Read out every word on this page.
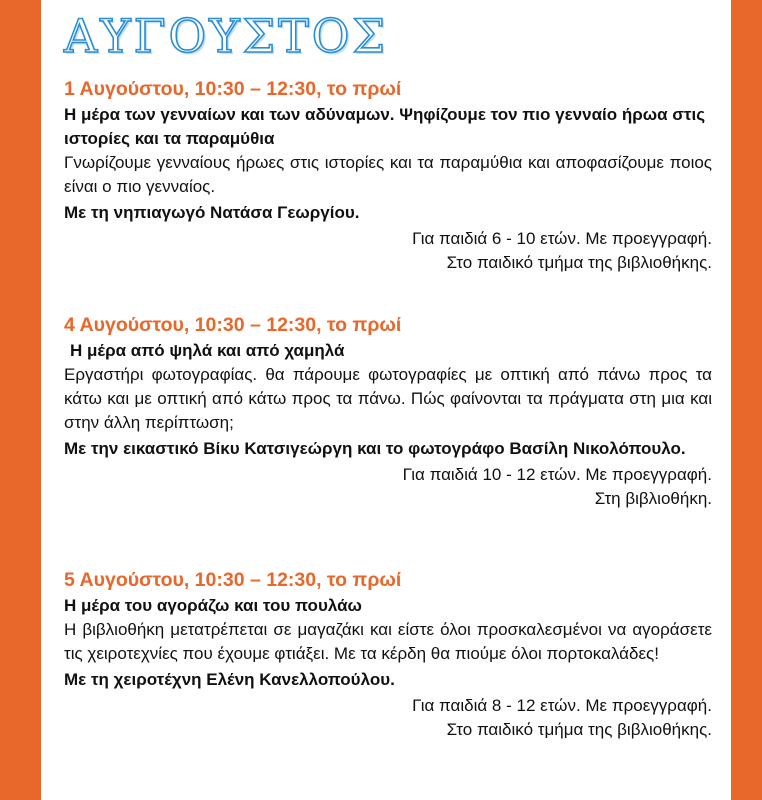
ΑΥΓΟΥΣΤΟΣ
1 Αυγούστου, 10:30 – 12:30, το πρωί
Η μέρα των γενναίων και των αδύναμων. Ψηφίζουμε τον πιο γενναίο ήρωα στις ιστορίες και τα παραμύθια
Γνωρίζουμε γενναίους ήρωες στις ιστορίες και τα παραμύθια και αποφασίζουμε ποιος είναι ο πιο γενναίος.
Με τη νηπιαγωγό Νατάσα Γεωργίου.
Για παιδιά 6 - 10 ετών. Με προεγγραφή.
Στο παιδικό τμήμα της βιβλιοθήκης.
4 Αυγούστου, 10:30 – 12:30, το πρωί
Η μέρα από ψηλά και από χαμηλά
Εργαστήρι φωτογραφίας. θα πάρουμε φωτογραφίες με οπτική από πάνω προς τα κάτω και με οπτική από κάτω προς τα πάνω. Πώς φαίνονται τα πράγματα στη μια και στην άλλη περίπτωση;
Με την εικαστικό Βίκυ Κατσιγεώργη και το φωτογράφο Βασίλη Νικολόπουλο.
Για παιδιά 10 - 12 ετών. Με προεγγραφή.
Στη βιβλιοθήκη.
5 Αυγούστου, 10:30 – 12:30, το πρωί
Η μέρα του αγοράζω και του πουλάω
Η βιβλιοθήκη μετατρέπεται σε μαγαζάκι και είστε όλοι προσκαλεσμένοι να αγοράσετε τις χειροτεχνίες που έχουμε φτιάξει. Με τα κέρδη θα πιούμε όλοι πορτοκαλάδες!
Με τη χειροτέχνη Ελένη Κανελλοπούλου.
Για παιδιά 8 - 12 ετών. Με προεγγραφή.
Στο παιδικό τμήμα της βιβλιοθήκης.
